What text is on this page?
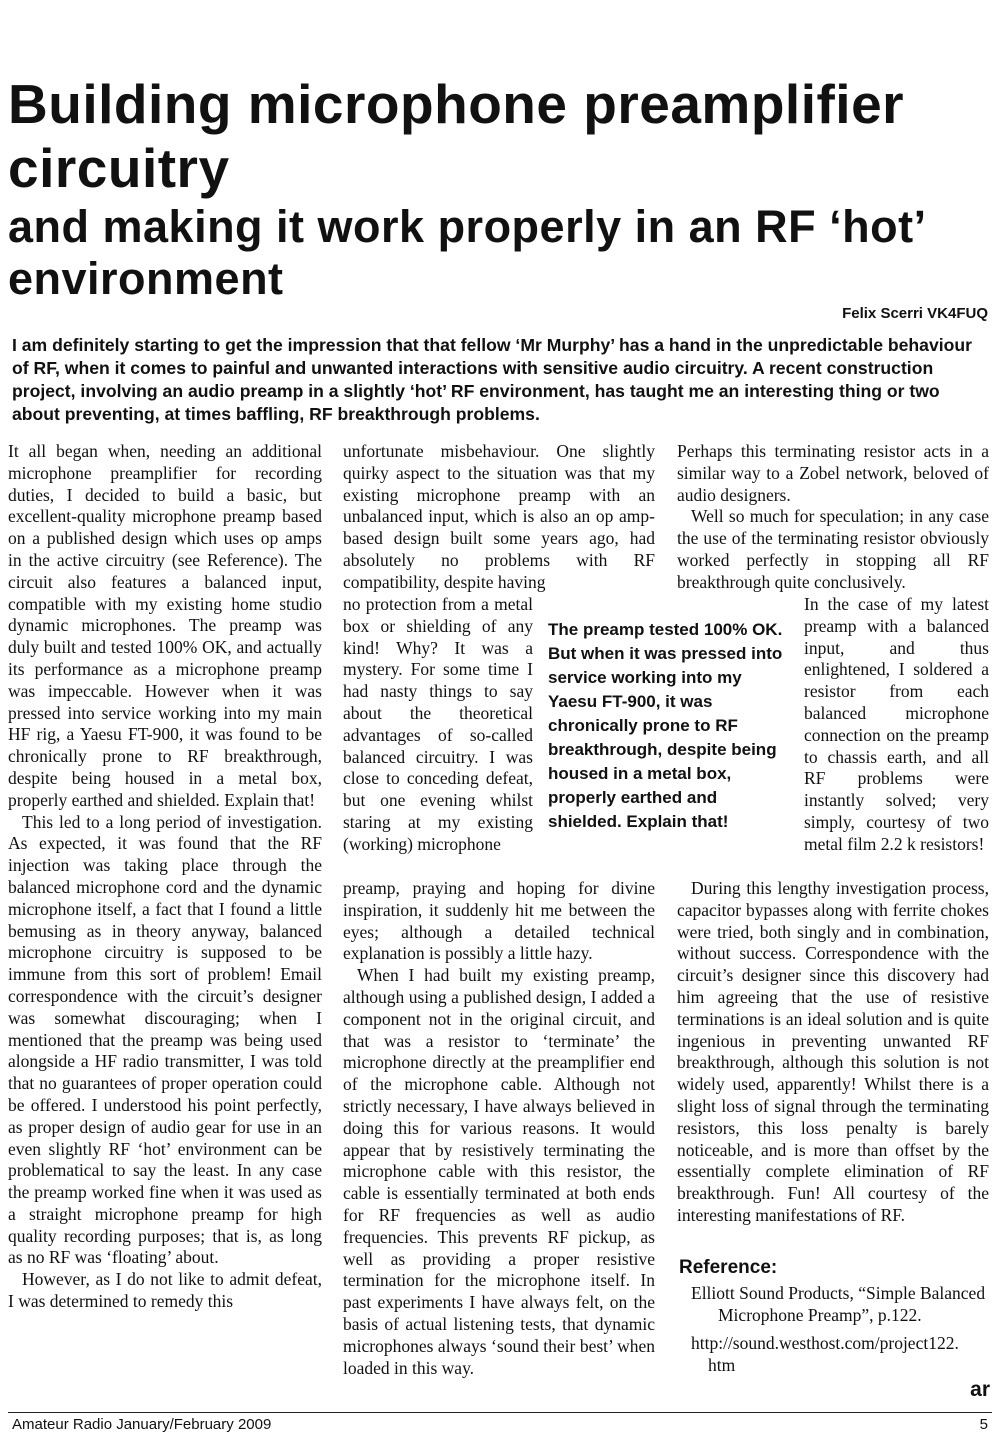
Building microphone preamplifier circuitry
and making it work properly in an RF ‘hot’ environment
Felix Scerri VK4FUQ
I am definitely starting to get the impression that that fellow ‘Mr Murphy’ has a hand in the unpredictable behaviour of RF, when it comes to painful and unwanted interactions with sensitive audio circuitry. A recent construction project, involving an audio preamp in a slightly ‘hot’ RF environment, has taught me an interesting thing or two about preventing, at times baffling, RF breakthrough problems.

It all began when, needing an additional microphone preamplifier for recording duties, I decided to build a basic, but excellent-quality microphone preamp based on a published design which uses op amps in the active circuitry (see Reference). The circuit also features a balanced input, compatible with my existing home studio dynamic microphones. The preamp was duly built and tested 100% OK, and actually its performance as a microphone preamp was impeccable. However when it was pressed into service working into my main HF rig, a Yaesu FT-900, it was found to be chronically prone to RF breakthrough, despite being housed in a metal box, properly earthed and shielded. Explain that!

This led to a long period of investigation. As expected, it was found that the RF injection was taking place through the balanced microphone cord and the dynamic microphone itself, a fact that I found a little bemusing as in theory anyway, balanced microphone circuitry is supposed to be immune from this sort of problem! Email correspondence with the circuit’s designer was somewhat discouraging; when I mentioned that the preamp was being used alongside a HF radio transmitter, I was told that no guarantees of proper operation could be offered. I understood his point perfectly, as proper design of audio gear for use in an even slightly RF ‘hot’ environment can be problematical to say the least. In any case the preamp worked fine when it was used as a straight microphone preamp for high quality recording purposes; that is, as long as no RF was ‘floating’ about.

However, as I do not like to admit defeat, I was determined to remedy this

unfortunate misbehaviour. One slightly quirky aspect to the situation was that my existing microphone preamp with an unbalanced input, which is also an op amp-based design built some years ago, had absolutely no problems with RF compatibility, despite having

no protection from a metal box or shielding of any kind! Why? It was a mystery. For some time I had nasty things to say about the theoretical advantages of so-called balanced circuitry. I was close to conceding defeat, but one evening whilst staring at my existing (working) microphone

preamp, praying and hoping for divine inspiration, it suddenly hit me between the eyes; although a detailed technical explanation is possibly a little hazy.

When I had built my existing preamp, although using a published design, I added a component not in the original circuit, and that was a resistor to ‘terminate’ the microphone directly at the preamplifier end of the microphone cable. Although not strictly necessary, I have always believed in doing this for various reasons. It would appear that by resistively terminating the microphone cable with this resistor, the cable is essentially terminated at both ends for RF frequencies as well as audio frequencies. This prevents RF pickup, as well as providing a proper resistive termination for the microphone itself. In past experiments I have always felt, on the basis of actual listening tests, that dynamic microphones always ‘sound their best’ when loaded in this way.

The preamp tested 100% OK. But when it was pressed into service working into my Yaesu FT-900, it was chronically prone to RF breakthrough, despite being housed in a metal box, properly earthed and shielded. Explain that!

Perhaps this terminating resistor acts in a similar way to a Zobel network, beloved of audio designers.

Well so much for speculation; in any case the use of the terminating resistor obviously worked perfectly in stopping all RF breakthrough quite conclusively.

In the case of my latest preamp with a balanced input, and thus enlightened, I soldered a resistor from each balanced microphone connection on the preamp to chassis earth, and all RF problems were instantly solved; very simply, courtesy of two metal film 2.2 k resistors!

During this lengthy investigation process, capacitor bypasses along with ferrite chokes were tried, both singly and in combination, without success. Correspondence with the circuit’s designer since this discovery had him agreeing that the use of resistive terminations is an ideal solution and is quite ingenious in preventing unwanted RF breakthrough, although this solution is not widely used, apparently! Whilst there is a slight loss of signal through the terminating resistors, this loss penalty is barely noticeable, and is more than offset by the essentially complete elimination of RF breakthrough. Fun! All courtesy of the interesting manifestations of RF.

Reference:
Elliott Sound Products, “Simple Balanced
Microphone Preamp”, p.122.
http://sound.westhost.com/project122.
htm
ar
Amateur Radio January/February 2009	5
